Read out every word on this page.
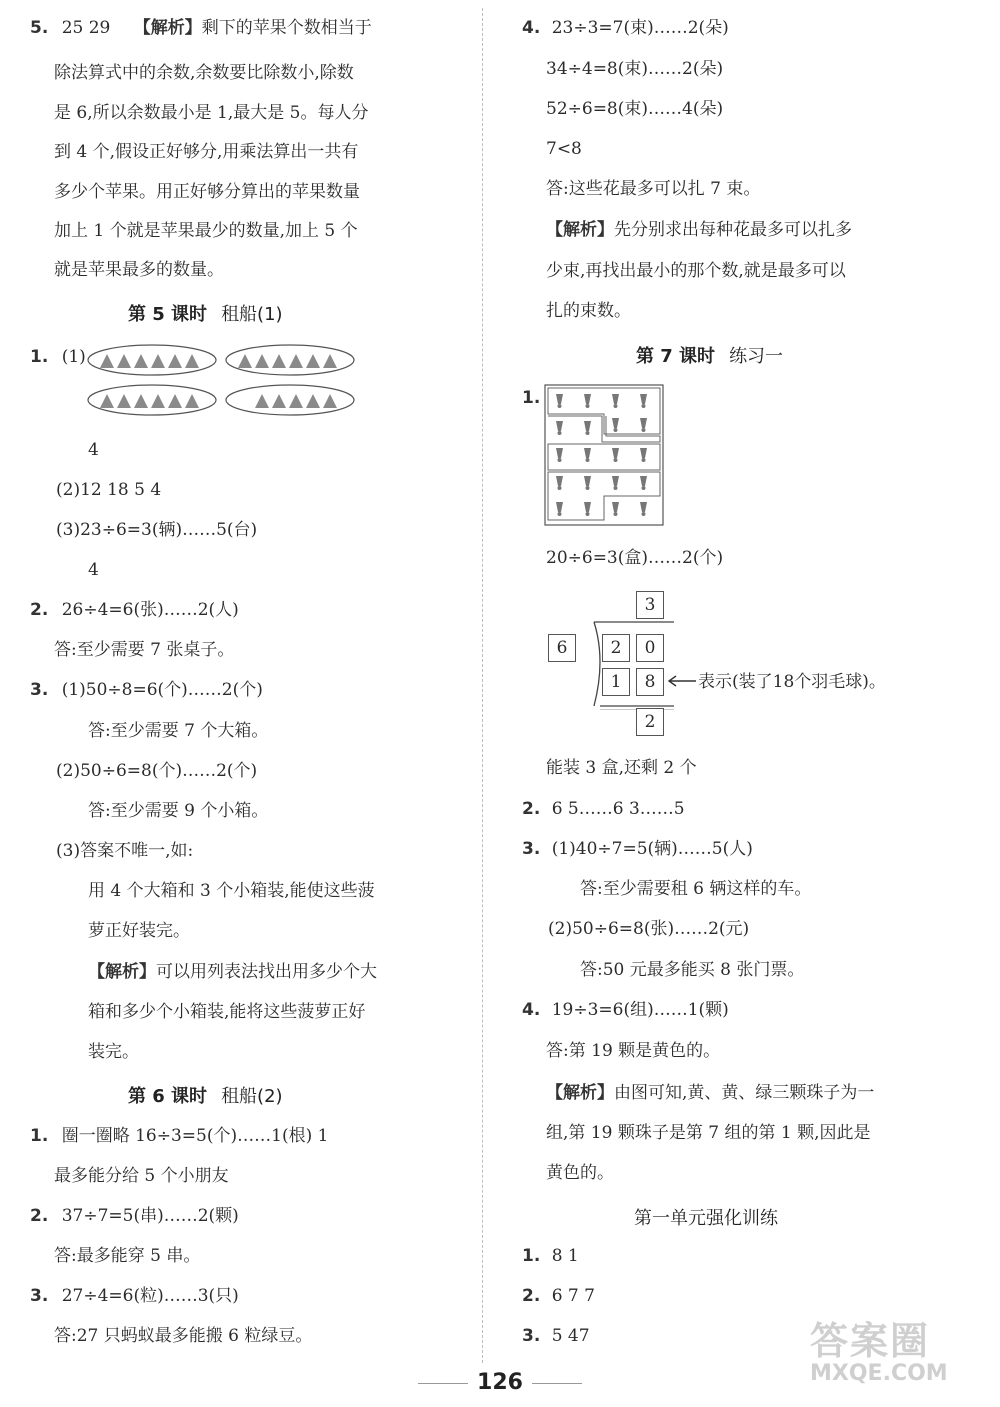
5. 25 29 【解析】剩下的苹果个数相当于
除法算式中的余数,余数要比除数小,除数
是 6,所以余数最小是 1,最大是 5。每人分
到 4 个,假设正好够分,用乘法算出一共有
多少个苹果。用正好够分算出的苹果数量
加上 1 个就是苹果最少的数量,加上 5 个
就是苹果最多的数量。
第 5 课时 租船(1)
1. (1)
4
(2)12 18 5 4
(3)23÷6=3(辆)……5(台)
4
2. 26÷4=6(张)……2(人)
答:至少需要 7 张桌子。
3. (1)50÷8=6(个)……2(个)
答:至少需要 7 个大箱。
(2)50÷6=8(个)……2(个)
答:至少需要 9 个小箱。
(3)答案不唯一,如:
用 4 个大箱和 3 个小箱装,能使这些菠
萝正好装完。
【解析】可以用列表法找出用多少个大
箱和多少个小箱装,能将这些菠萝正好
装完。
第 6 课时 租船(2)
1. 圈一圈略 16÷3=5(个)……1(根) 1
最多能分给 5 个小朋友
2. 37÷7=5(串)……2(颗)
答:最多能穿 5 串。
3. 27÷4=6(粒)……3(只)
答:27 只蚂蚁最多能搬 6 粒绿豆。
4. 23÷3=7(束)……2(朵)
34÷4=8(束)……2(朵)
52÷6=8(束)……4(朵)
7<8
答:这些花最多可以扎 7 束。
【解析】先分别求出每种花最多可以扎多
少束,再找出最小的那个数,就是最多可以
扎的束数。
第 7 课时 练习一
1.
20÷6=3(盒)……2(个)
3
6	2	0
1	8
2
表示(装了18个羽毛球)。
能装 3 盒,还剩 2 个
2. 6 5……6 3……5
3. (1)40÷7=5(辆)……5(人)
答:至少需要租 6 辆这样的车。
(2)50÷6=8(张)……2(元)
答:50 元最多能买 8 张门票。
4. 19÷3=6(组)……1(颗)
答:第 19 颗是黄色的。
【解析】由图可知,黄、黄、绿三颗珠子为一
组,第 19 颗珠子是第 7 组的第 1 颗,因此是
黄色的。
第一单元强化训练
1. 8 1
2. 6 7 7
3. 5 47
126
答案圈
MXQE.COM
